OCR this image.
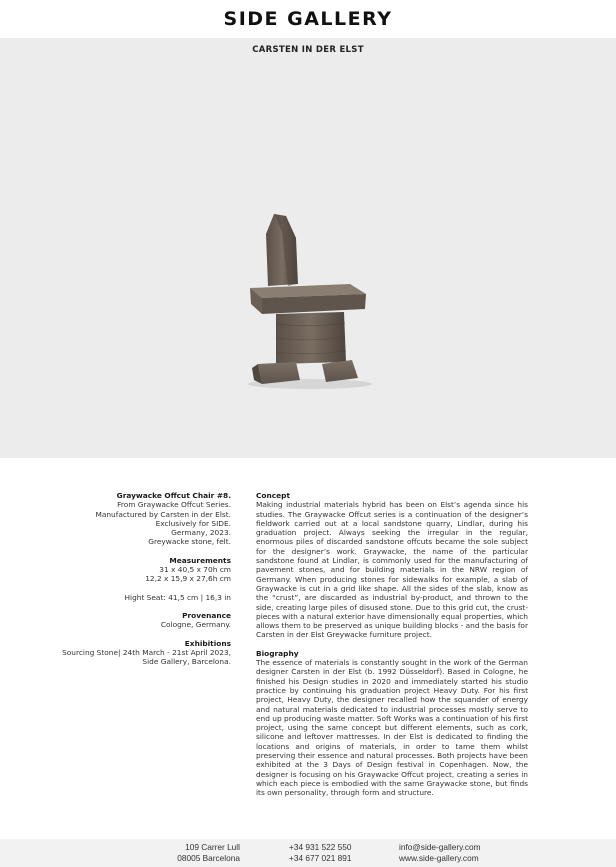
SIDE GALLERY
CARSTEN IN DER ELST

Graywacke Offcut Chair #8.

From Graywacke Offcut Series.

Manufactured by Carsten in der Elst.

Exclusively for SIDE.

Germany, 2023.

Greywacke stone, felt.

Measurements

31 x 40,5 x 70h cm

12,2 x 15,9 x 27,6h cm

Hight Seat: 41,5 cm | 16,3 in

Provenance

Cologne, Germany.

Exhibitions

Sourcing Stone| 24th March - 21st April 2023,

Side Gallery, Barcelona.

Concept

Making industrial materials hybrid has been on Elst’s agenda since his studies. The Graywacke Offcut series is a continuation of the designer’s fieldwork carried out at a local sandstone quarry, Lindlar, during his graduation project. Always seeking the irregular in the regular, enormous piles of discarded sandstone offcuts became the sole subject for the designer’s work. Graywacke, the name of the particular sandstone found at Lindlar, is commonly used for the manufacturing of pavement stones, and for building materials in the NRW region of Germany. When producing stones for sidewalks for example, a slab of Graywacke is cut in a grid like shape. All the sides of the slab, know as the “crust”, are discarded as industrial by-product, and thrown to the side, creating large piles of disused stone. Due to this grid cut, the crust-pieces with a natural exterior have dimensionally equal properties, which allows them to be preserved as unique building blocks - and the basis for Carsten in der Elst Greywacke furniture project.

Biography

The essence of materials is constantly sought in the work of the German designer Carsten in der Elst (b. 1992 Düsseldorf). Based in Cologne, he finished his Design studies in 2020 and immediately started his studio practice by continuing his graduation project Heavy Duty. For his first project, Heavy Duty, the designer recalled how the squander of energy and natural materials dedicated to industrial processes mostly serve to end up producing waste matter. Soft Works was a continuation of his first project, using the same concept but different elements, such as cork, silicone and leftover mattresses. In der Elst is dedicated to finding the locations and origins of materials, in order to tame them whilst preserving their essence and natural processes. Both projects have been exhibited at the 3 Days of Design festival in Copenhagen. Now, the designer is focusing on his Graywacke Offcut project, creating a series in which each piece is embodied with the same Graywacke stone, but finds its own personality, through form and structure.

109 Carrer Lull
08005 Barcelona
+34 931 522 550
+34 677 021 891
info@side-gallery.com
www.side-gallery.com
